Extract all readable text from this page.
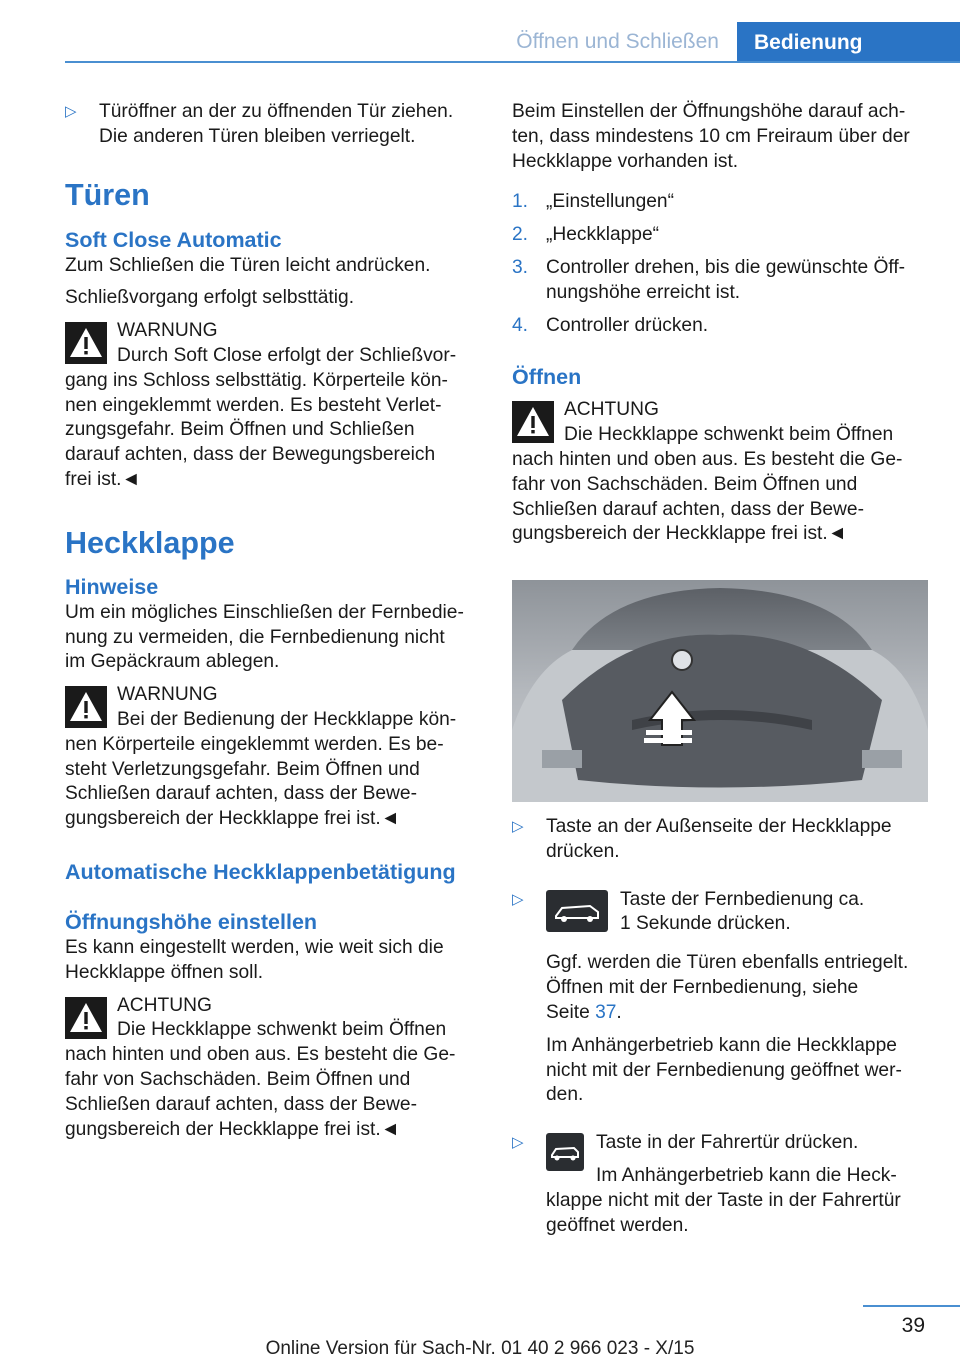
Öffnen und Schließen	Bedienung
▷	Türöffner an der zu öffnenden Tür ziehen.

Die anderen Türen bleiben verriegelt.

Türen
Soft Close Automatic

Zum Schließen die Türen leicht andrücken.

Schließvorgang erfolgt selbsttätig.

WARNUNG

Durch Soft Close erfolgt der Schließvor-

gang ins Schloss selbsttätig. Körperteile kön-

nen eingeklemmt werden. Es besteht Verlet-

zungsgefahr. Beim Öffnen und Schließen

darauf achten, dass der Bewegungsbereich

frei ist.◄

Heckklappe
Hinweise

Um ein mögliches Einschließen der Fernbedie-

nung zu vermeiden, die Fernbedienung nicht

im Gepäckraum ablegen.

WARNUNG

Bei der Bedienung der Heckklappe kön-

nen Körperteile eingeklemmt werden. Es be-

steht Verletzungsgefahr. Beim Öffnen und

Schließen darauf achten, dass der Bewe-

gungsbereich der Heckklappe frei ist.◄

Automatische Heckklappenbetätigung
Öffnungshöhe einstellen

Es kann eingestellt werden, wie weit sich die

Heckklappe öffnen soll.

ACHTUNG

Die Heckklappe schwenkt beim Öffnen

nach hinten und oben aus. Es besteht die Ge-

fahr von Sachschäden. Beim Öffnen und

Schließen darauf achten, dass der Bewe-

gungsbereich der Heckklappe frei ist.◄

Beim Einstellen der Öffnungshöhe darauf ach-

ten, dass mindestens 10 cm Freiraum über der

Heckklappe vorhanden ist.

1. „Einstellungen“

2. „Heckklappe“

3. Controller drehen, bis die gewünschte Öff-

nungshöhe erreicht ist.

4. Controller drücken.

Öffnen

ACHTUNG

Die Heckklappe schwenkt beim Öffnen

nach hinten und oben aus. Es besteht die Ge-

fahr von Sachschäden. Beim Öffnen und

Schließen darauf achten, dass der Bewe-

gungsbereich der Heckklappe frei ist.◄

▷	Taste an der Außenseite der Heckklappe

drücken.

▷	Taste der Fernbedienung ca.

1 Sekunde drücken.

Ggf. werden die Türen ebenfalls entriegelt.

Öffnen mit der Fernbedienung, siehe

Seite 37.

Im Anhängerbetrieb kann die Heckklappe

nicht mit der Fernbedienung geöffnet wer-

den.

▷	Taste in der Fahrertür drücken.

Im Anhängerbetrieb kann die Heck-

klappe nicht mit der Taste in der Fahrertür

geöffnet werden.

39
Online Version für Sach-Nr. 01 40 2 966 023 - X/15
